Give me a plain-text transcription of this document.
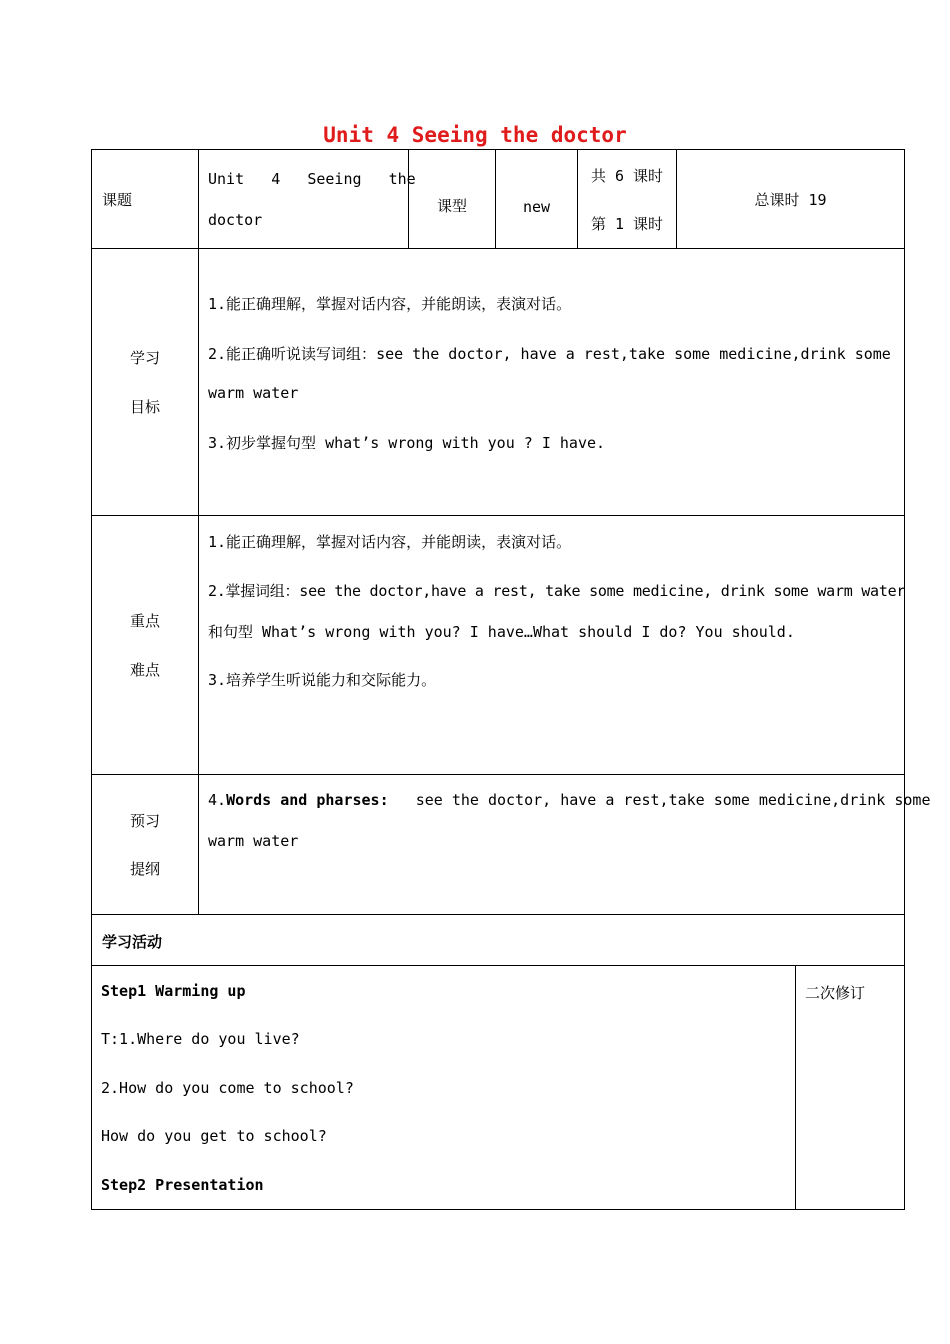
Unit 4 Seeing the doctor
课题
Unit   4   Seeing   the
doctor
课型	new
共 6 课时
第 1 课时
总课时 19
学习
目标
1.能正确理解，掌握对话内容，并能朗读，表演对话。
2.能正确听说读写词组：see the doctor, have a rest,take some medicine,drink some
warm water
3.初步掌握句型 what’s wrong with you ? I have.
重点
难点
1.能正确理解，掌握对话内容，并能朗读，表演对话。
2.掌握词组：see the doctor,have a rest, take some medicine, drink some warm water
和句型 What’s wrong with you? I have…What should I do? You should.
3.培养学生听说能力和交际能力。
预习
提纲
4.Words and pharses:   see the doctor, have a rest,take some medicine,drink some
warm water
学习活动
Step1 Warming up
T:1.Where do you live?
2.How do you come to school?
How do you get to school?
Step2 Presentation
二次修订
